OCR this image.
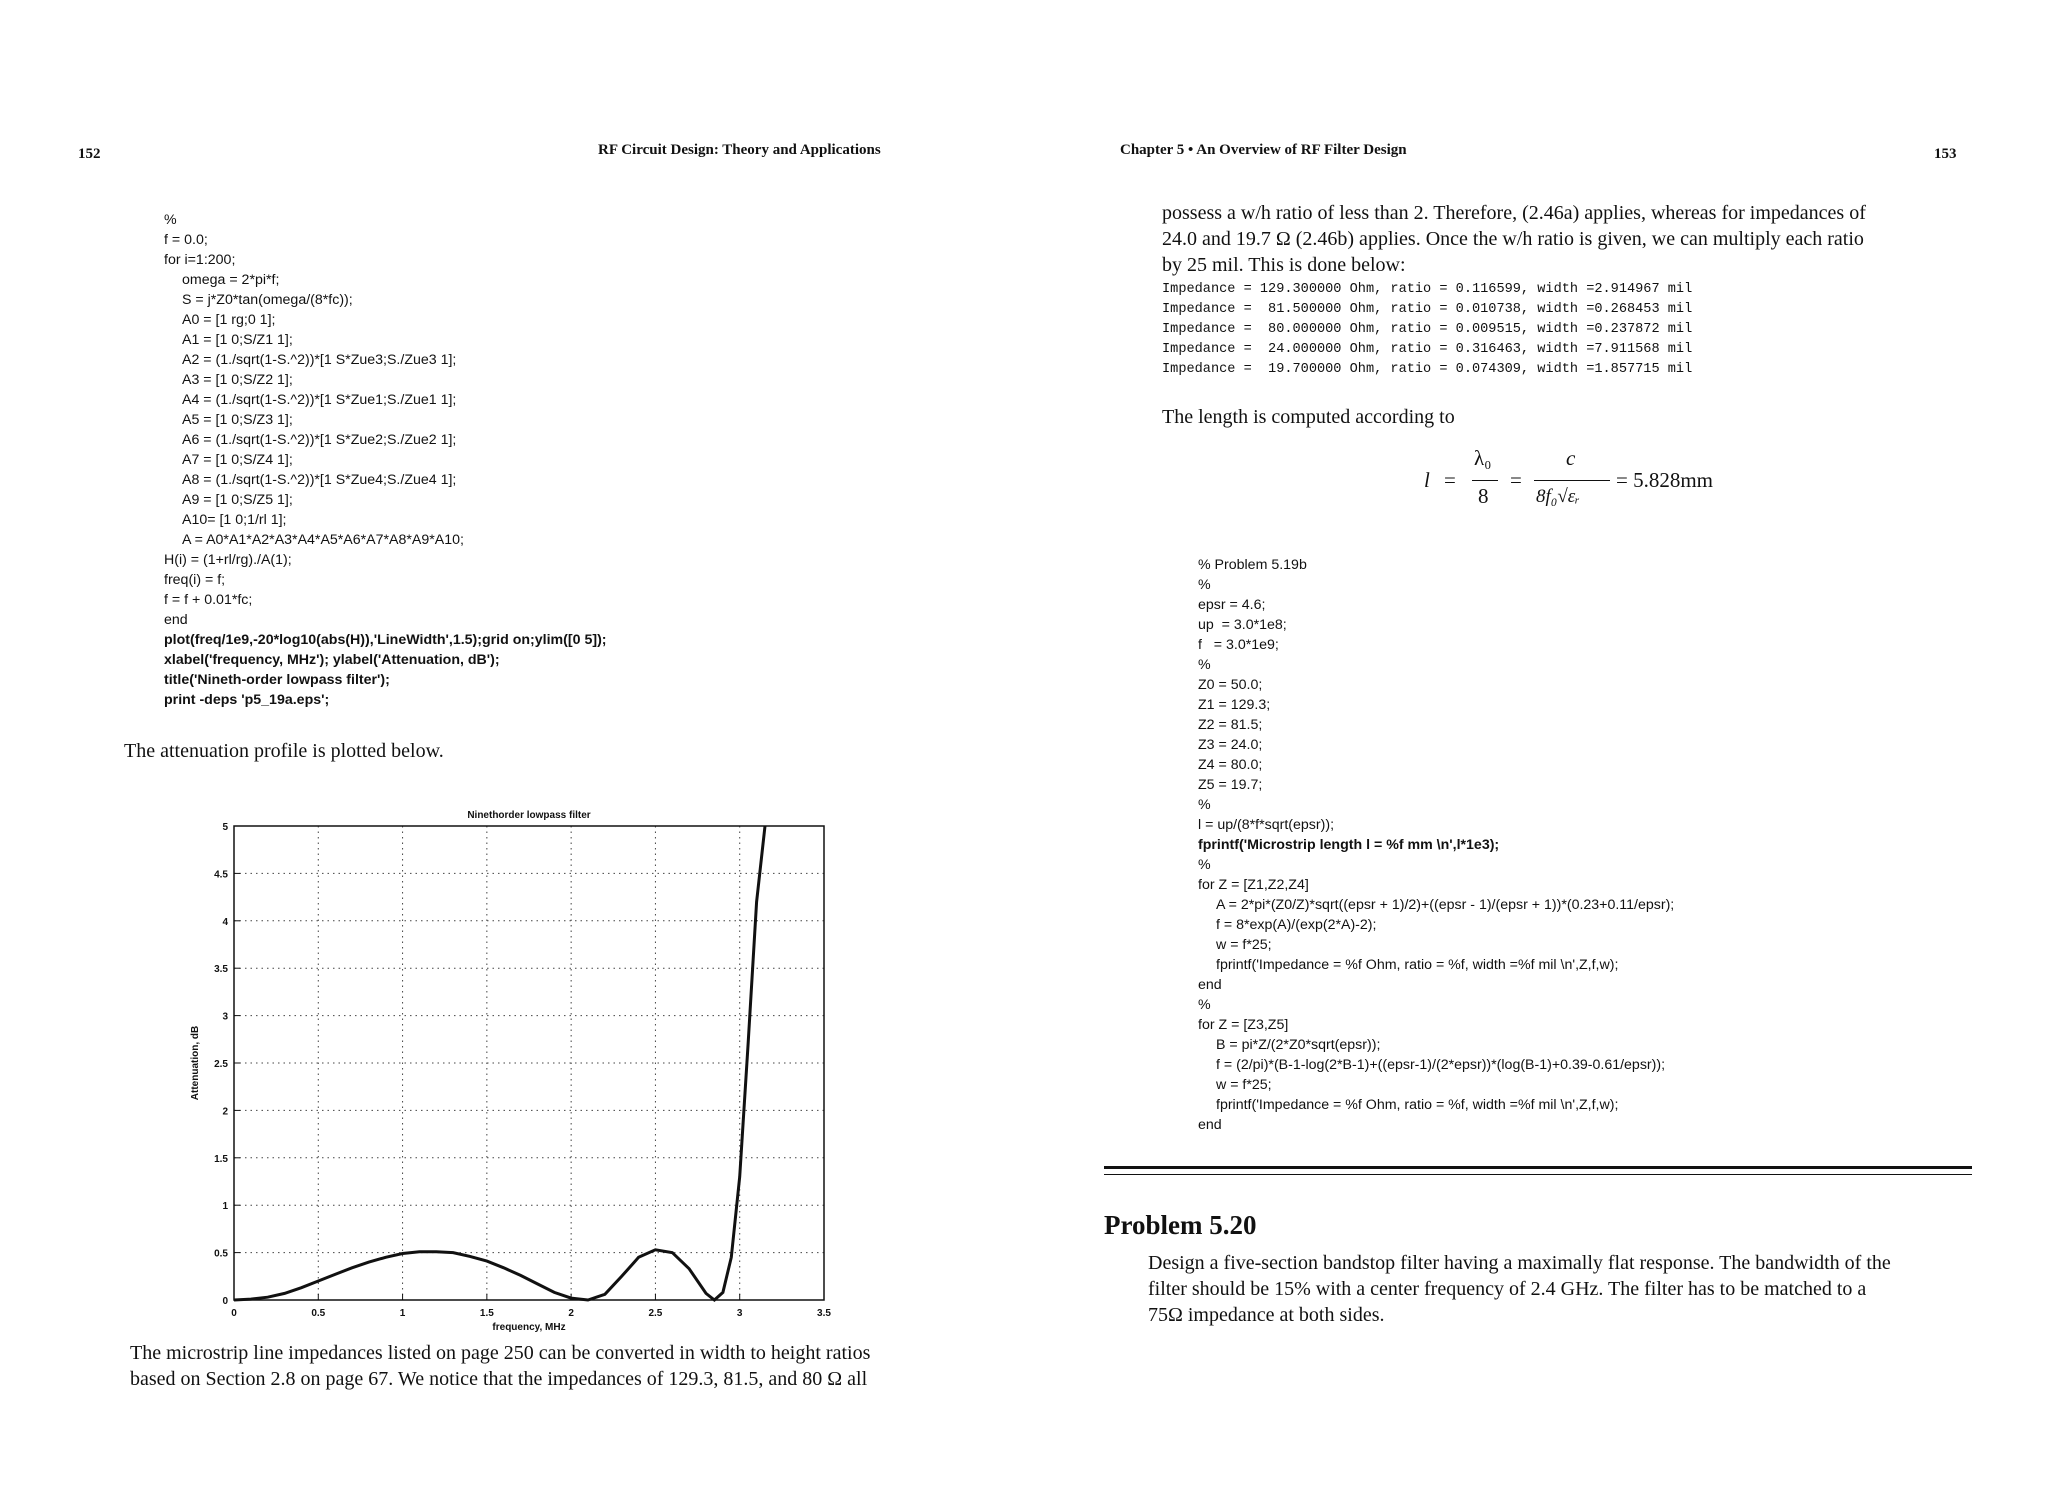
152	RF Circuit Design: Theory and Applications
%
f = 0.0;
for i=1:200;
omega = 2*pi*f;
S = j*Z0*tan(omega/(8*fc));
A0 = [1 rg;0 1];
A1 = [1 0;S/Z1 1];
A2 = (1./sqrt(1-S.^2))*[1 S*Zue3;S./Zue3 1];
A3 = [1 0;S/Z2 1];
A4 = (1./sqrt(1-S.^2))*[1 S*Zue1;S./Zue1 1];
A5 = [1 0;S/Z3 1];
A6 = (1./sqrt(1-S.^2))*[1 S*Zue2;S./Zue2 1];
A7 = [1 0;S/Z4 1];
A8 = (1./sqrt(1-S.^2))*[1 S*Zue4;S./Zue4 1];
A9 = [1 0;S/Z5 1];
A10= [1 0;1/rl 1];
A = A0*A1*A2*A3*A4*A5*A6*A7*A8*A9*A10;
H(i) = (1+rl/rg)./A(1);
freq(i) = f;
f = f + 0.01*fc;
end
plot(freq/1e9,-20*log10(abs(H)),'LineWidth',1.5);grid on;ylim([0 5]);
xlabel('frequency, MHz'); ylabel('Attenuation, dB');
title('Nineth-order lowpass filter');
print -deps 'p5_19a.eps';

The attenuation profile is plotted below.

Ninethorder lowpass filter
0	0.5	1	1.5	2	2.5	3	3.5
0
0.5
1
1.5
2
2.5
3
3.5
4
4.5
5
frequency, MHz
Attenuation, dB

The microstrip line impedances listed on page 250 can be converted in width to height ratios

based on Section 2.8 on page 67. We notice that the impedances of 129.3, 81.5, and 80 Ω all

Chapter 5 • An Overview of RF Filter Design	153

possess a w/h ratio of less than 2. Therefore, (2.46a) applies, whereas for impedances of

24.0 and 19.7 Ω (2.46b) applies. Once the w/h ratio is given, we can multiply each ratio

by 25 mil. This is done below:

Impedance = 129.300000 Ohm, ratio = 0.116599, width =2.914967 mil
Impedance =  81.500000 Ohm, ratio = 0.010738, width =0.268453 mil
Impedance =  80.000000 Ohm, ratio = 0.009515, width =0.237872 mil
Impedance =  24.000000 Ohm, ratio = 0.316463, width =7.911568 mil
Impedance =  19.700000 Ohm, ratio = 0.074309, width =1.857715 mil

The length is computed according to

l =
λ₀
8
=
c
8f₀√εᵣ
= 5.828mm
% Problem 5.19b
%
epsr = 4.6;
up  = 3.0*1e8;
f   = 3.0*1e9;
%
Z0 = 50.0;
Z1 = 129.3;
Z2 = 81.5;
Z3 = 24.0;
Z4 = 80.0;
Z5 = 19.7;
%
l = up/(8*f*sqrt(epsr));
fprintf('Microstrip length l = %f mm \n',l*1e3);
%
for Z = [Z1,Z2,Z4]
A = 2*pi*(Z0/Z)*sqrt((epsr + 1)/2)+((epsr - 1)/(epsr + 1))*(0.23+0.11/epsr);
f = 8*exp(A)/(exp(2*A)-2);
w = f*25;
fprintf('Impedance = %f Ohm, ratio = %f, width =%f mil \n',Z,f,w);
end
%
for Z = [Z3,Z5]
B = pi*Z/(2*Z0*sqrt(epsr));
f = (2/pi)*(B-1-log(2*B-1)+((epsr-1)/(2*epsr))*(log(B-1)+0.39-0.61/epsr));
w = f*25;
fprintf('Impedance = %f Ohm, ratio = %f, width =%f mil \n',Z,f,w);
end

Problem 5.20

Design a five-section bandstop filter having a maximally flat response. The bandwidth of the

filter should be 15% with a center frequency of 2.4 GHz. The filter has to be matched to a

75Ω impedance at both sides.
